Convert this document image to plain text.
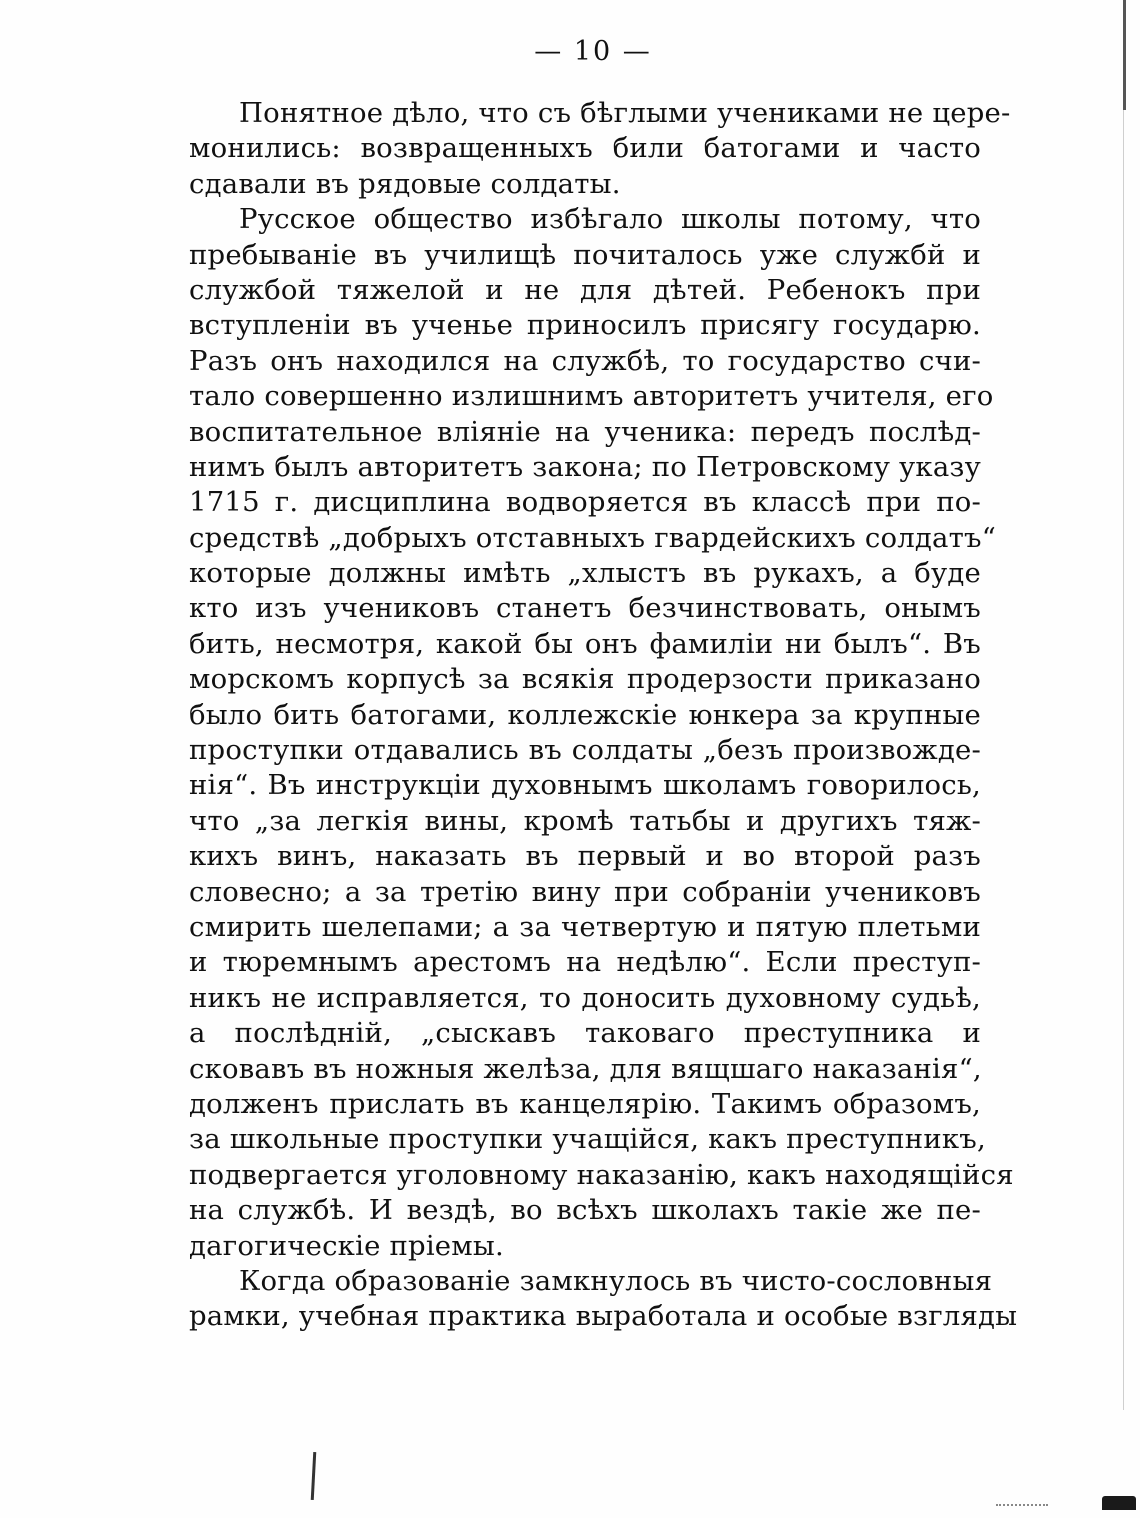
— 10 —
Понятное дѣло, что съ бѣглыми учениками не цере-
монились: возвращенныхъ били батогами и часто
сдавали въ рядовые солдаты.
Русское общество избѣгало школы потому, что
пребываніе въ училищѣ почиталось уже службй и
службой тяжелой и не для дѣтей. Ребенокъ при
вступленіи въ ученье приносилъ присягу государю.
Разъ онъ находился на службѣ, то государство счи-
тало совершенно излишнимъ авторитетъ учителя, его
воспитательное вліяніе на ученика: передъ послѣд-
нимъ былъ авторитетъ закона; по Петровскому указу
1715 г. дисциплина водворяется въ классѣ при по-
средствѣ „добрыхъ отставныхъ гвардейскихъ солдатъ“
которые должны имѣть „хлыстъ въ рукахъ, а буде
кто изъ учениковъ станетъ безчинствовать, онымъ
бить, несмотря, какой бы онъ фамиліи ни былъ“. Въ
морскомъ корпусѣ за всякія продерзости приказано
было бить батогами, коллежскіе юнкера за крупные
проступки отдавались въ солдаты „безъ произвожде-
нія“. Въ инструкціи духовнымъ школамъ говорилось,
что „за легкія вины, кромѣ татьбы и другихъ тяж-
кихъ винъ, наказать въ первый и во второй разъ
словесно; а за третію вину при собраніи учениковъ
смирить шелепами; а за четвертую и пятую плетьми
и тюремнымъ арестомъ на недѣлю“. Если преступ-
никъ не исправляется, то доносить духовному судьѣ,
а послѣдній, „сыскавъ таковаго преступника и
сковавъ въ ножныя желѣза, для вящшаго наказанія“,
долженъ прислать въ канцелярію. Такимъ образомъ,
за школьные проступки учащійся, какъ преступникъ,
подвергается уголовному наказанію, какъ находящійся
на службѣ. И вездѣ, во всѣхъ школахъ такіе же пе-
дагогическіе пріемы.
Когда образованіе замкнулось въ чисто-сословныя
рамки, учебная практика выработала и особые взгляды
